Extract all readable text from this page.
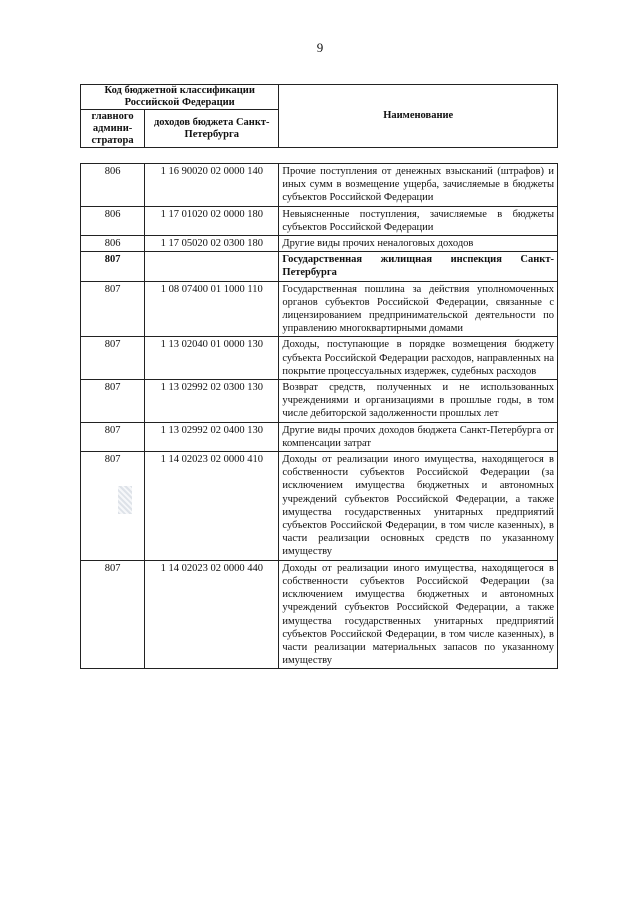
9
Код бюджетной классификации Российской Федерации		Наименование
главного админи-стратора	доходов бюджета Санкт-Петербурга	
806	1 16 90020 02 0000 140	Прочие поступления от денежных взысканий (штрафов) и иных сумм в возмещение ущерба, зачисляемые в бюджеты субъектов Российской Федерации
806	1 17 01020 02 0000 180	Невыясненные поступления, зачисляемые в бюджеты субъектов Российской Федерации
806	1 17 05020 02 0300 180	Другие виды прочих неналоговых доходов
807		Государственная жилищная инспекция Санкт-Петербурга
807	1 08 07400 01 1000 110	Государственная пошлина за действия уполномоченных органов субъектов Российской Федерации, связанные с лицензированием предпринимательской деятельности по управлению многоквартирными домами
807	1 13 02040 01 0000 130	Доходы, поступающие в порядке возмещения бюджету субъекта Российской Федерации расходов, направленных на покрытие процессуальных издержек, судебных расходов
807	1 13 02992 02 0300 130	Возврат средств, полученных и не использованных учреждениями и организациями в прошлые годы, в том числе дебиторской задолженности прошлых лет
807	1 13 02992 02 0400 130	Другие виды прочих доходов бюджета Санкт-Петербурга от компенсации затрат
807	1 14 02023 02 0000 410	Доходы от реализации иного имущества, находящегося в собственности субъектов Российской Федерации (за исключением имущества бюджетных и автономных учреждений субъектов Российской Федерации, а также имущества государственных унитарных предприятий субъектов Российской Федерации, в том числе казенных), в части реализации основных средств по указанному имуществу
807	1 14 02023 02 0000 440	Доходы от реализации иного имущества, находящегося в собственности субъектов Российской Федерации (за исключением имущества бюджетных и автономных учреждений субъектов Российской Федерации, а также имущества государственных унитарных предприятий субъектов Российской Федерации, в том числе казенных), в части реализации материальных запасов по указанному имуществу
